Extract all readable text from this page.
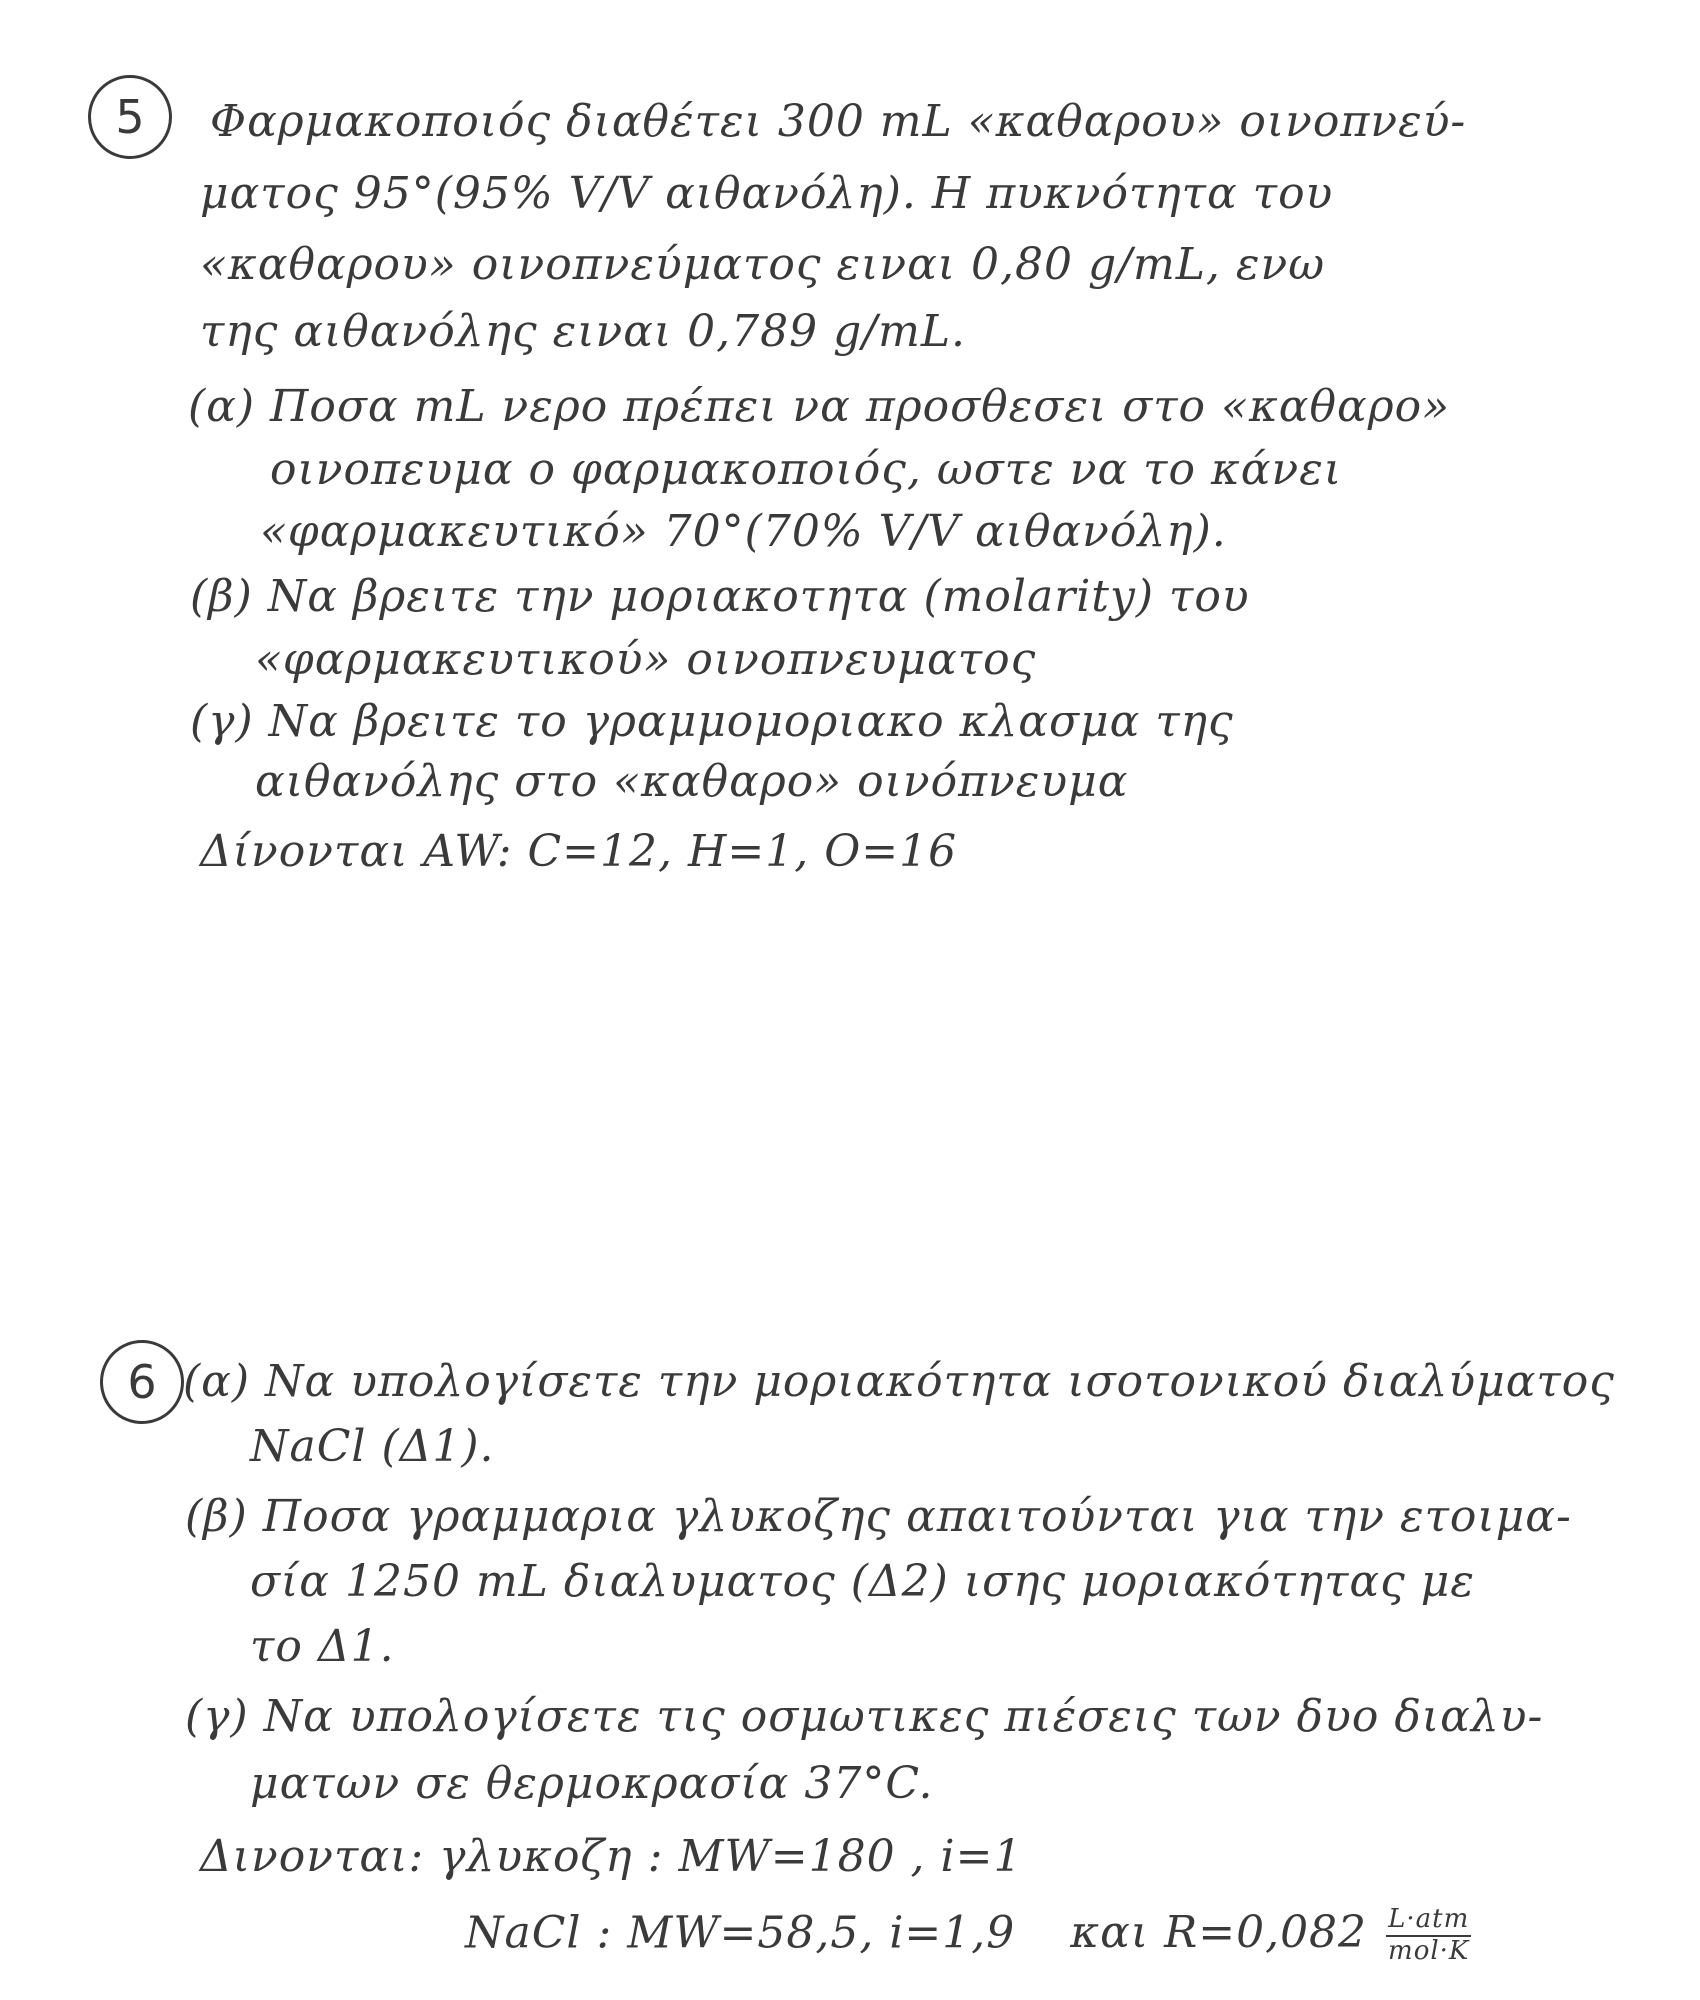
5	Φαρμακοποιός διαθέτει 300 mL «καθαρου» οινοπνεύ-
ματος 95°(95% V/V αιθανόλη). Η πυκνότητα του
«καθαρου» οινοπνεύματος ειναι 0,80 g/mL, ενω
της αιθανόλης ειναι 0,789 g/mL.
(α) Ποσα mL νερο πρέπει να προσθεσει στο «καθαρο»
οινοπευμα ο φαρμακοποιός, ωστε να το κάνει
«φαρμακευτικό» 70°(70% V/V αιθανόλη).
(β) Να βρειτε την μοριακοτητα (molarity) του
«φαρμακευτικού» οινοπνευματος
(γ) Να βρειτε το γραμμομοριακο κλασμα της
αιθανόλης στο «καθαρο» οινόπνευμα
Δίνονται AW: C=12, H=1, O=16
6 (α) Να υπολογίσετε την μοριακότητα ισοτονικού διαλύματος
NaCl (Δ1).
(β) Ποσα γραμμαρια γλυκοζης απαιτούνται για την ετοιμα-
σία 1250 mL διαλυματος (Δ2) ισης μοριακότητας με
το Δ1.
(γ) Να υπολογίσετε τις οσμωτικες πιέσεις των δυο διαλυ-
ματων σε θερμοκρασία 37°C.
Δινονται: γλυκοζη : MW=180 , i=1
NaCl : MW=58,5, i=1,9 και $R=0,082 \frac{\text{L·atm}}{\text{mol·K}}$
